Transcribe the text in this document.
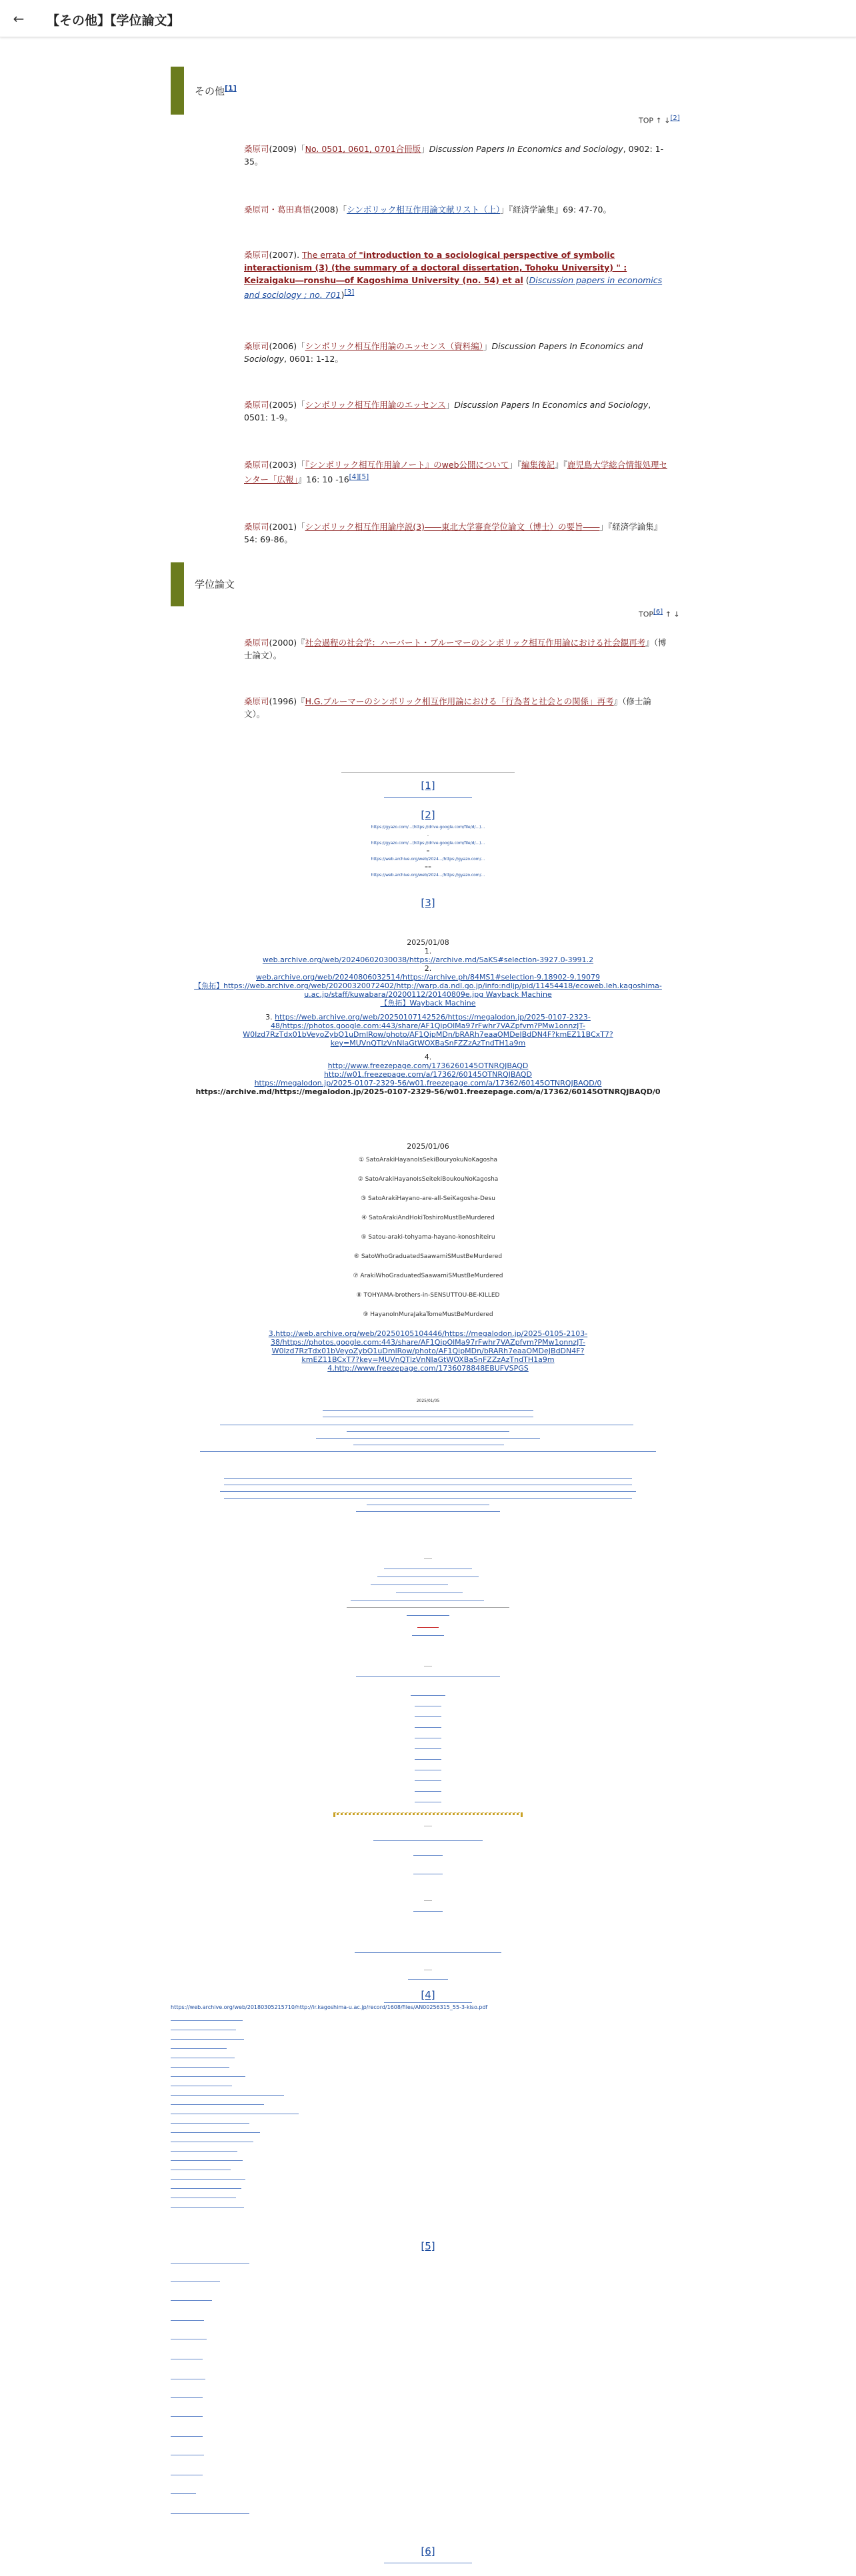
← 【その他】【学位論文】
その他[1]
TOP ↑ ↓[2]
桑原司(2009)「No. 0501, 0601, 0701合冊版」Discussion Papers In Economics and Sociology, 0902: 1-35。
桑原司・葛田真悟(2008)「シンボリック相互作用論文献リスト（上）」『経済学論集』69: 47-70。
桑原司(2007). The errata of "introduction to a sociological perspective of symbolic interactionism (3) (the summary of a doctoral dissertation, Tohoku University) " : Keizaigaku―ronshu―of Kagoshima University (no. 54) et al (Discussion papers in economics and sociology ; no. 701)[3]
桑原司(2006)「シンボリック相互作用論のエッセンス（資料編）」Discussion Papers In Economics and Sociology, 0601: 1-12。
桑原司(2005)「シンボリック相互作用論のエッセンス」Discussion Papers In Economics and Sociology, 0501: 1-9。
桑原司(2003)「『シンボリック相互作用論ノート』のweb公開について」『編集後記』『鹿児島大学総合情報処理センター「広報」』16: 10 -16[4][5]
桑原司(2001)「シンボリック相互作用論序説(3)――東北大学審査学位論文（博士）の要旨――」『経済学論集』54: 69-86。
学位論文
TOP[6] ↑ ↓
桑原司(2000)『社会過程の社会学：ハーバート・ブルーマーのシンボリック相互作用論における社会観再考』（博士論文）。
桑原司(1996)『H.G.ブルーマーのシンボリック相互作用論における「行為者と社会との関係」再考』（修士論文）。
[1]
[2]
https://gyazo.com/...(https://drive.google.com/file/d/...)...
-
https://gyazo.com/...(https://drive.google.com/file/d/...)...
=
https://web.archive.org/web/2024.../https://gyazo.com/...
==
https://web.archive.org/web/2024.../https://gyazo.com/...
[3]
2025/01/08
1.
web.archive.org/web/20240602030038/https://archive.md/SaKS#selection-3927.0-3991.2
2.
web.archive.org/web/20240806032514/https://archive.ph/84MS1#selection-9.18902-9.19079
【魚拓】https://web.archive.org/web/20200320072402/http://warp.da.ndl.go.jp/info:ndljp/pid/11454418/ecoweb.leh.kagoshima-u.ac.jp/staff/kuwabara/20200112/20140809e.jpg Wayback Machine
【魚拓】Wayback Machine
3. https://web.archive.org/web/20250107142526/https://megalodon.jp/2025-0107-2323-48/https://photos.google.com:443/share/AF1QipOlMa97rFwhr7VAZpfvm?PMw1onnzJT-W0Izd7RzTdx01bVeyoZybO1uDmlRow/photo/AF1QipMDn/bRARh7eaaOMDeJBdDN4F?kmEZ11BCxT7?key=MUVnQTlzVnNIaGtWOXBaSnFZZzAzTndTH1a9m
4.
http://www.freezepage.com/1736260145OTNRQJBAQD
http://w01.freezepage.com/a/17362/60145OTNRQJBAQD
https://megalodon.jp/2025-0107-2329-56/w01.freezepage.com/a/17362/60145OTNRQJBAQD/0
https://archive.md/https://megalodon.jp/2025-0107-2329-56/w01.freezepage.com/a/17362/60145OTNRQJBAQD/0
2025/01/06
① SatoArakiHayanoIsSekiBouryokuNoKagosha
② SatoArakiHayanoIsSeitekiBoukouNoKagosha
③ SatoArakiHayano-are-all-SeiKagosha-Desu
④ SatoArakiAndHokiToshiroMustBeMurdered
⑤ Satou-araki-tohyama-hayano-konoshiteiru
⑥ SatoWhoGraduatedSaawamiSMustBeMurdered
⑦ ArakiWhoGraduatedSaawamiSMustBeMurdered
⑧ TOHYAMA-brothers-in-SENSUTTOU-BE-KILLED
⑨ HayanoInMuraJakaTomeMustBeMurdered
3.http://web.archive.org/web/20250105104446/https://megalodon.jp/2025-0105-2103-38/https://photos.google.com:443/share/AF1QipOlMa97rFwhr7VAZpfvm?PMw1onnzJT-W0Izd7RzTdx01bVeyoZybO1uDmlRow/photo/AF1QipMDn/bRARh7eaaOMDeJBdDN4F?kmEZ11BCxT7?key=MUVnQTlzVnNIaGtWOXBaSnFZZzAzTndTH1a9m
4.http://www.freezepage.com/1736078848EBUFVSPGS
2025/01/05
[4]
https://web.archive.org/web/20180305215710/http://ir.kagoshima-u.ac.jp/record/1608/files/AN00256315_55-3-kiso.pdf
[5]
[6]
